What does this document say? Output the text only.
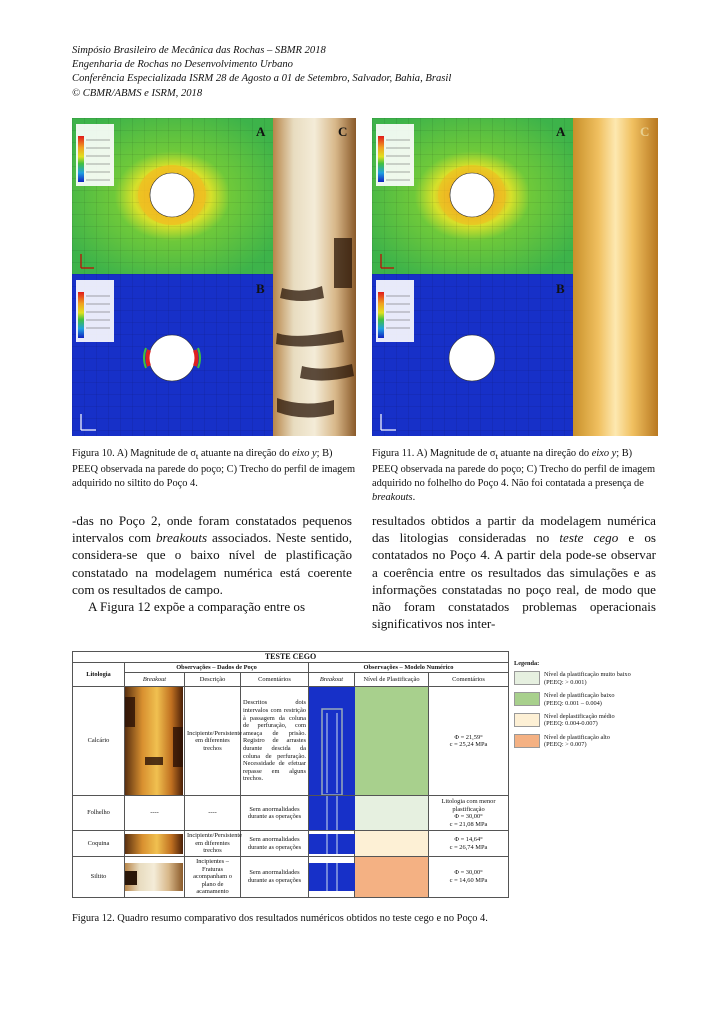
Simpósio Brasileiro de Mecânica das Rochas – SBMR 2018
Engenharia de Rochas no Desenvolvimento Urbano
Conferência Especializada ISRM 28 de Agosto a 01 de Setembro, Salvador, Bahia, Brasil
© CBMR/ABMS e ISRM, 2018
A
B
C
Figura 10. A) Magnitude de $\sigma_t$ atuante na direção do eixo y; B) PEEQ observada na parede do poço; C) Trecho do perfil de imagem adquirido no siltito do Poço 4.
A
B
C
Figura 11. A) Magnitude de $\sigma_t$ atuante na direção do eixo y; B) PEEQ observada na parede do poço; C) Trecho do perfil de imagem adquirido no folhelho do Poço 4. Não foi contatada a presença de breakouts.

-das no Poço 2, onde foram constatados pequenos intervalos com breakouts associados. Neste sentido, considera-se que o baixo nível de plastificação constatado na modelagem numérica está coerente com os resultados de campo.

A Figura 12 expõe a comparação entre os

resultados obtidos a partir da modelagem numérica das litologias consideradas no teste cego e os contatados no Poço 4. A partir dela pode-se observar a coerência entre os resultados das simulações e as informações constatadas no poço real, de modo que não foram constatados problemas operacionais significativos nos inter-

TESTE CEGO						
Litologia	Observações – Dados de Poço			Observações – Modelo Numérico		
	Breakout	Descrição	Comentários	Breakout	Nível de Plastificação	Comentários
Calcário		Incipiente/Persistente em diferentes trechos	Descritos dois intervalos com restrição à passagem da coluna de perfuração, com ameaça de prisão. Registro de arrastes durante descida da coluna de perfuração. Necessidade de efetuar repasse em alguns trechos.			Φ = 21,59°
c = 25,24 MPa

Folhelho	----	----	Sem anormalidades durante as operações			Litologia com menor plastificação
Φ = 30,00°
c = 21,08 MPa

Coquina		Incipiente/Persistente em diferentes trechos	Sem anormalidades durante as operações			Φ = 14,64°
c = 26,74 MPa

Siltito		Incipientes – Fraturas acompanham o plano de acamamento	Sem anormalidades durante as operações			Φ = 30,00°
c = 14,60 MPa
Legenda:
Nível da plastificação muito baixo
(PEEQ: > 0.001)
Nível de plastificação baixo
(PEEQ: 0.001 – 0.004)
Nível deplastificação médio
(PEEQ: 0.004-0.007)
Nível de plastificação alto
(PEEQ: > 0.007)
Figura 12. Quadro resumo comparativo dos resultados numéricos obtidos no teste cego e no Poço 4.
